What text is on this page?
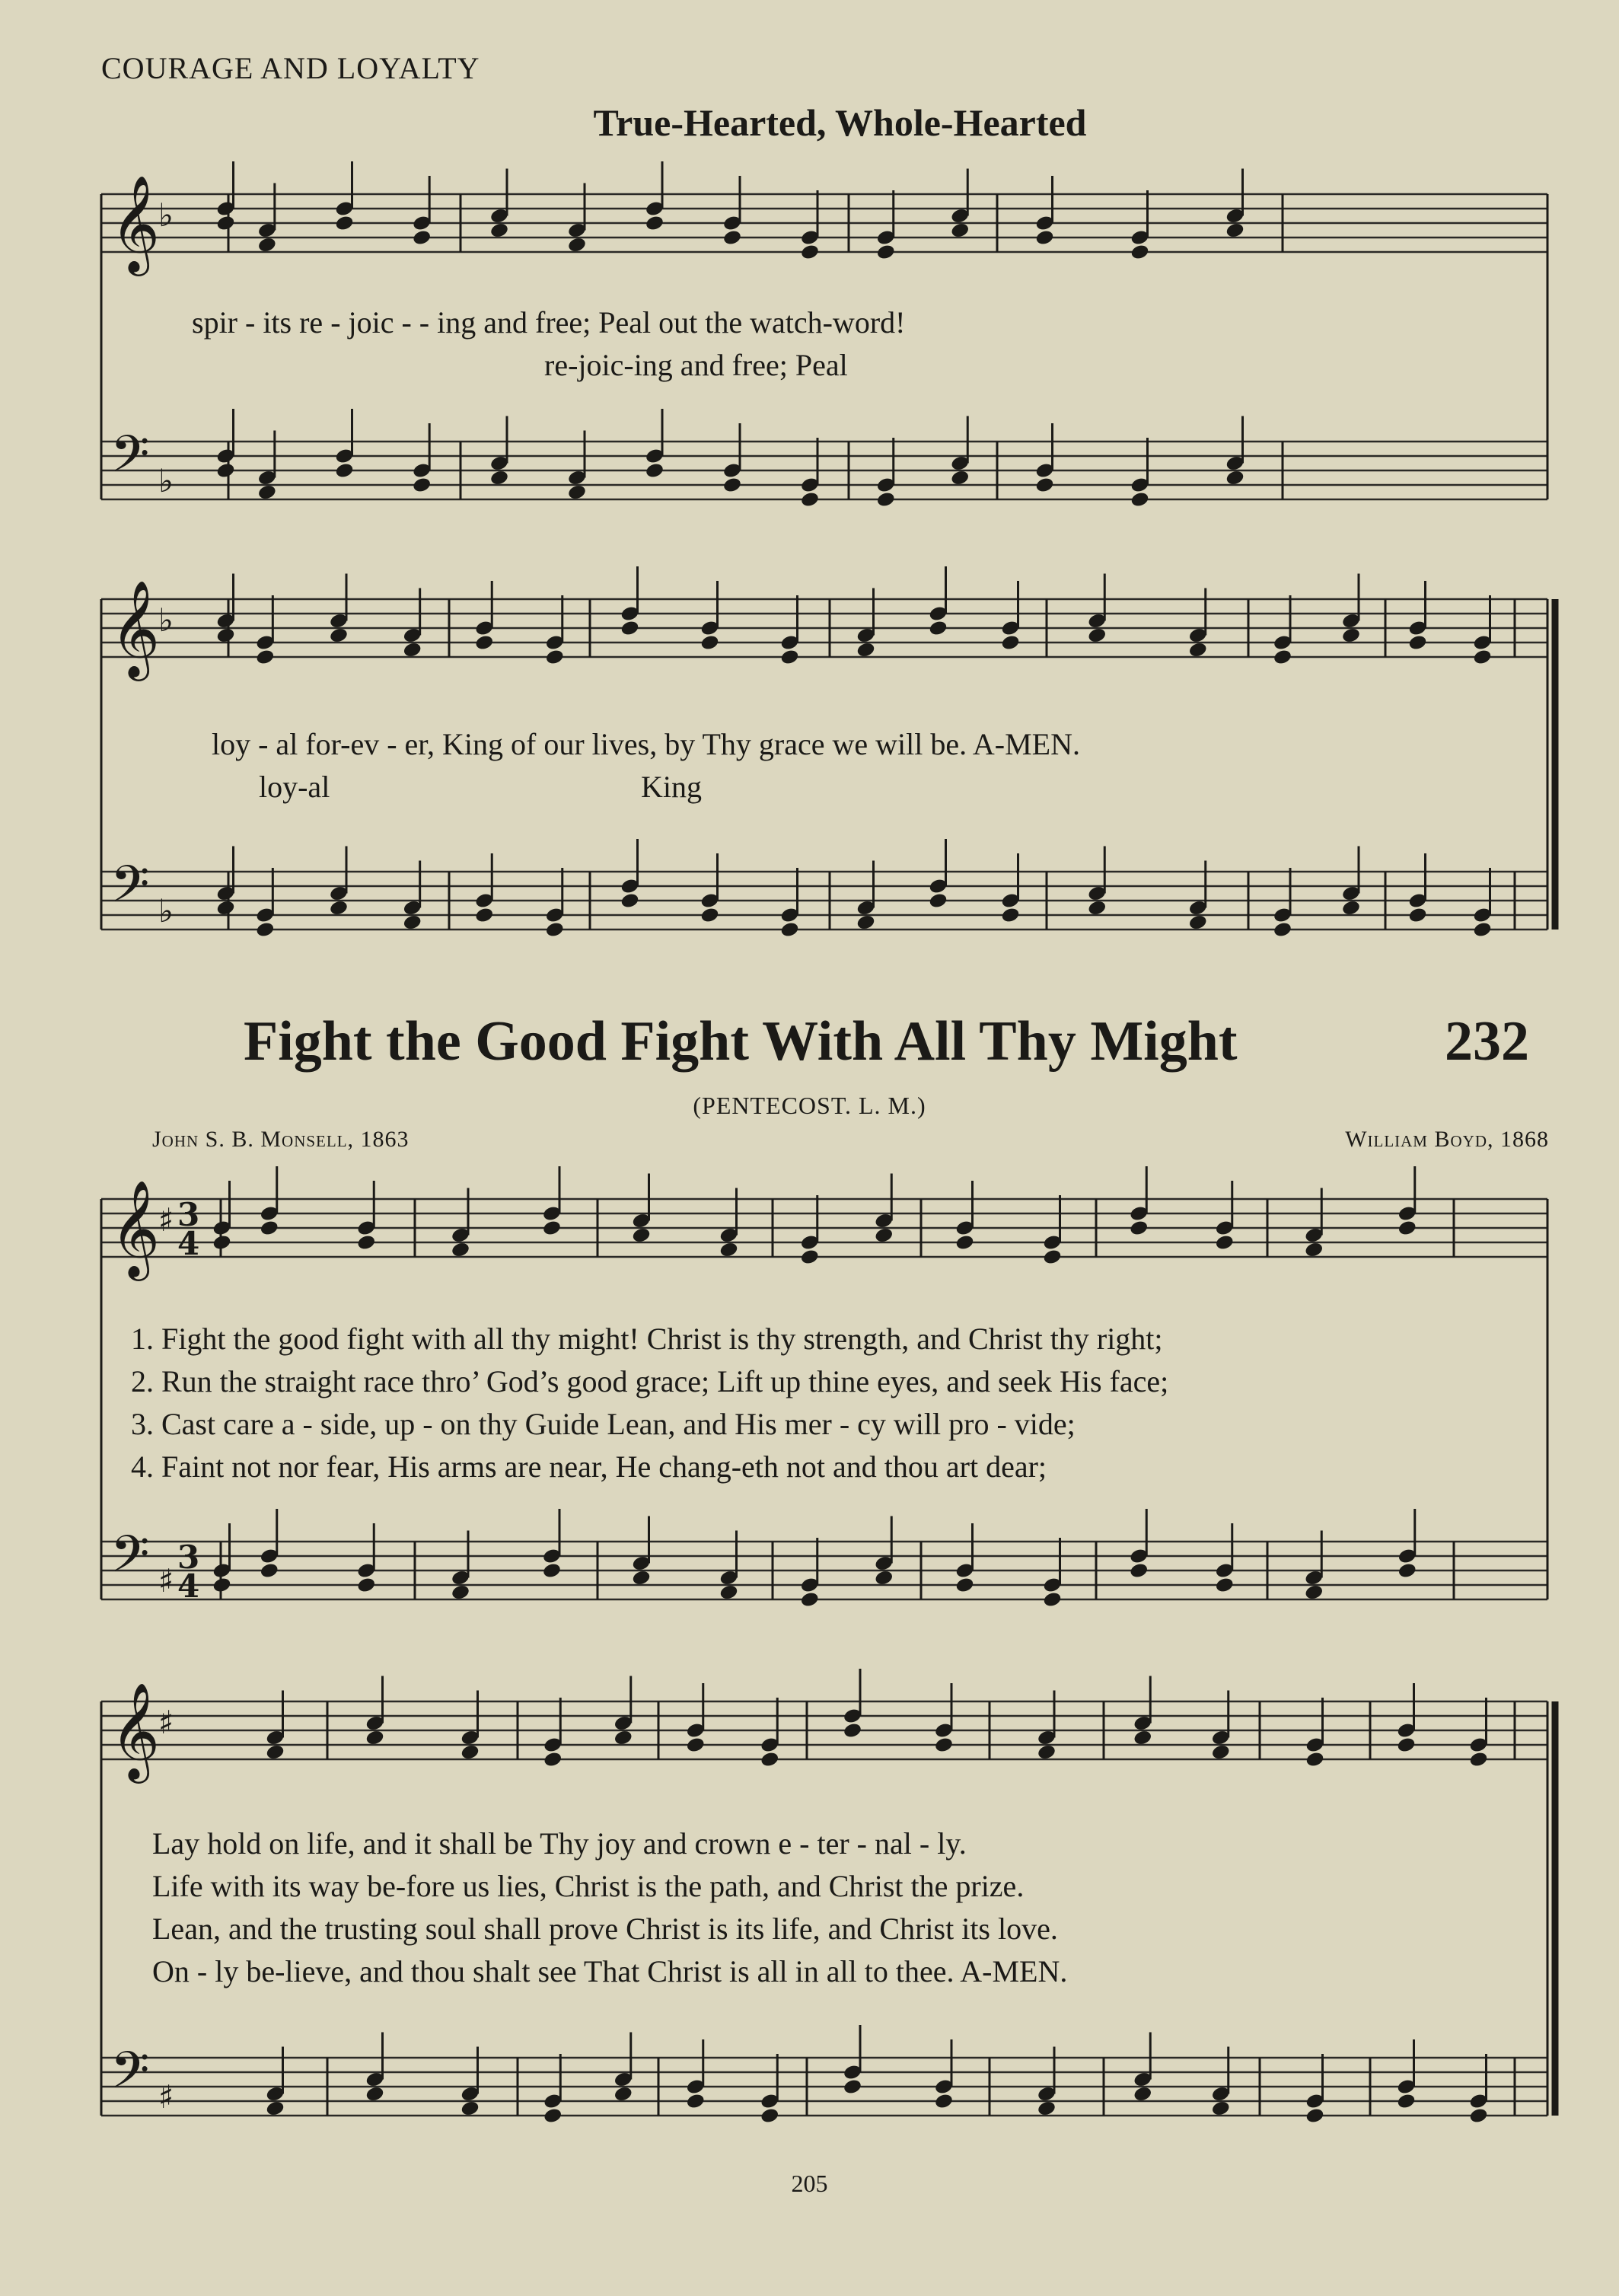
𝄞
♭
𝄢 ♭
𝄞
♭
𝄢 ♭
𝄞
♯ 3
4
𝄢 ♯
3
4
𝄞
♯
𝄢 ♯
COURAGE AND LOYALTY
True-Hearted, Whole-Hearted
spir - its re - joic - - ing and free; Peal out the watch-word!
re-joic-ing and free; Peal
loy - al for-ev - er, King of our lives, by Thy grace we will be. A-MEN.
loy-al	King
Fight the Good Fight With All Thy Might	232
(PENTECOST. L. M.)
John S. B. Monsell, 1863	William Boyd, 1868
1. Fight the good fight with all thy might! Christ is thy strength, and Christ thy right;
2. Run the straight race thro’ God’s good grace; Lift up thine eyes, and seek His face;
3. Cast care a - side, up - on thy Guide Lean, and His mer - cy will pro - vide;
4. Faint not nor fear, His arms are near, He chang-eth not and thou art dear;
Lay hold on life, and it shall be Thy joy and crown e - ter - nal - ly.
Life with its way be-fore us lies, Christ is the path, and Christ the prize.
Lean, and the trusting soul shall prove Christ is its life, and Christ its love.
On - ly be-lieve, and thou shalt see That Christ is all in all to thee. A-MEN.
205
